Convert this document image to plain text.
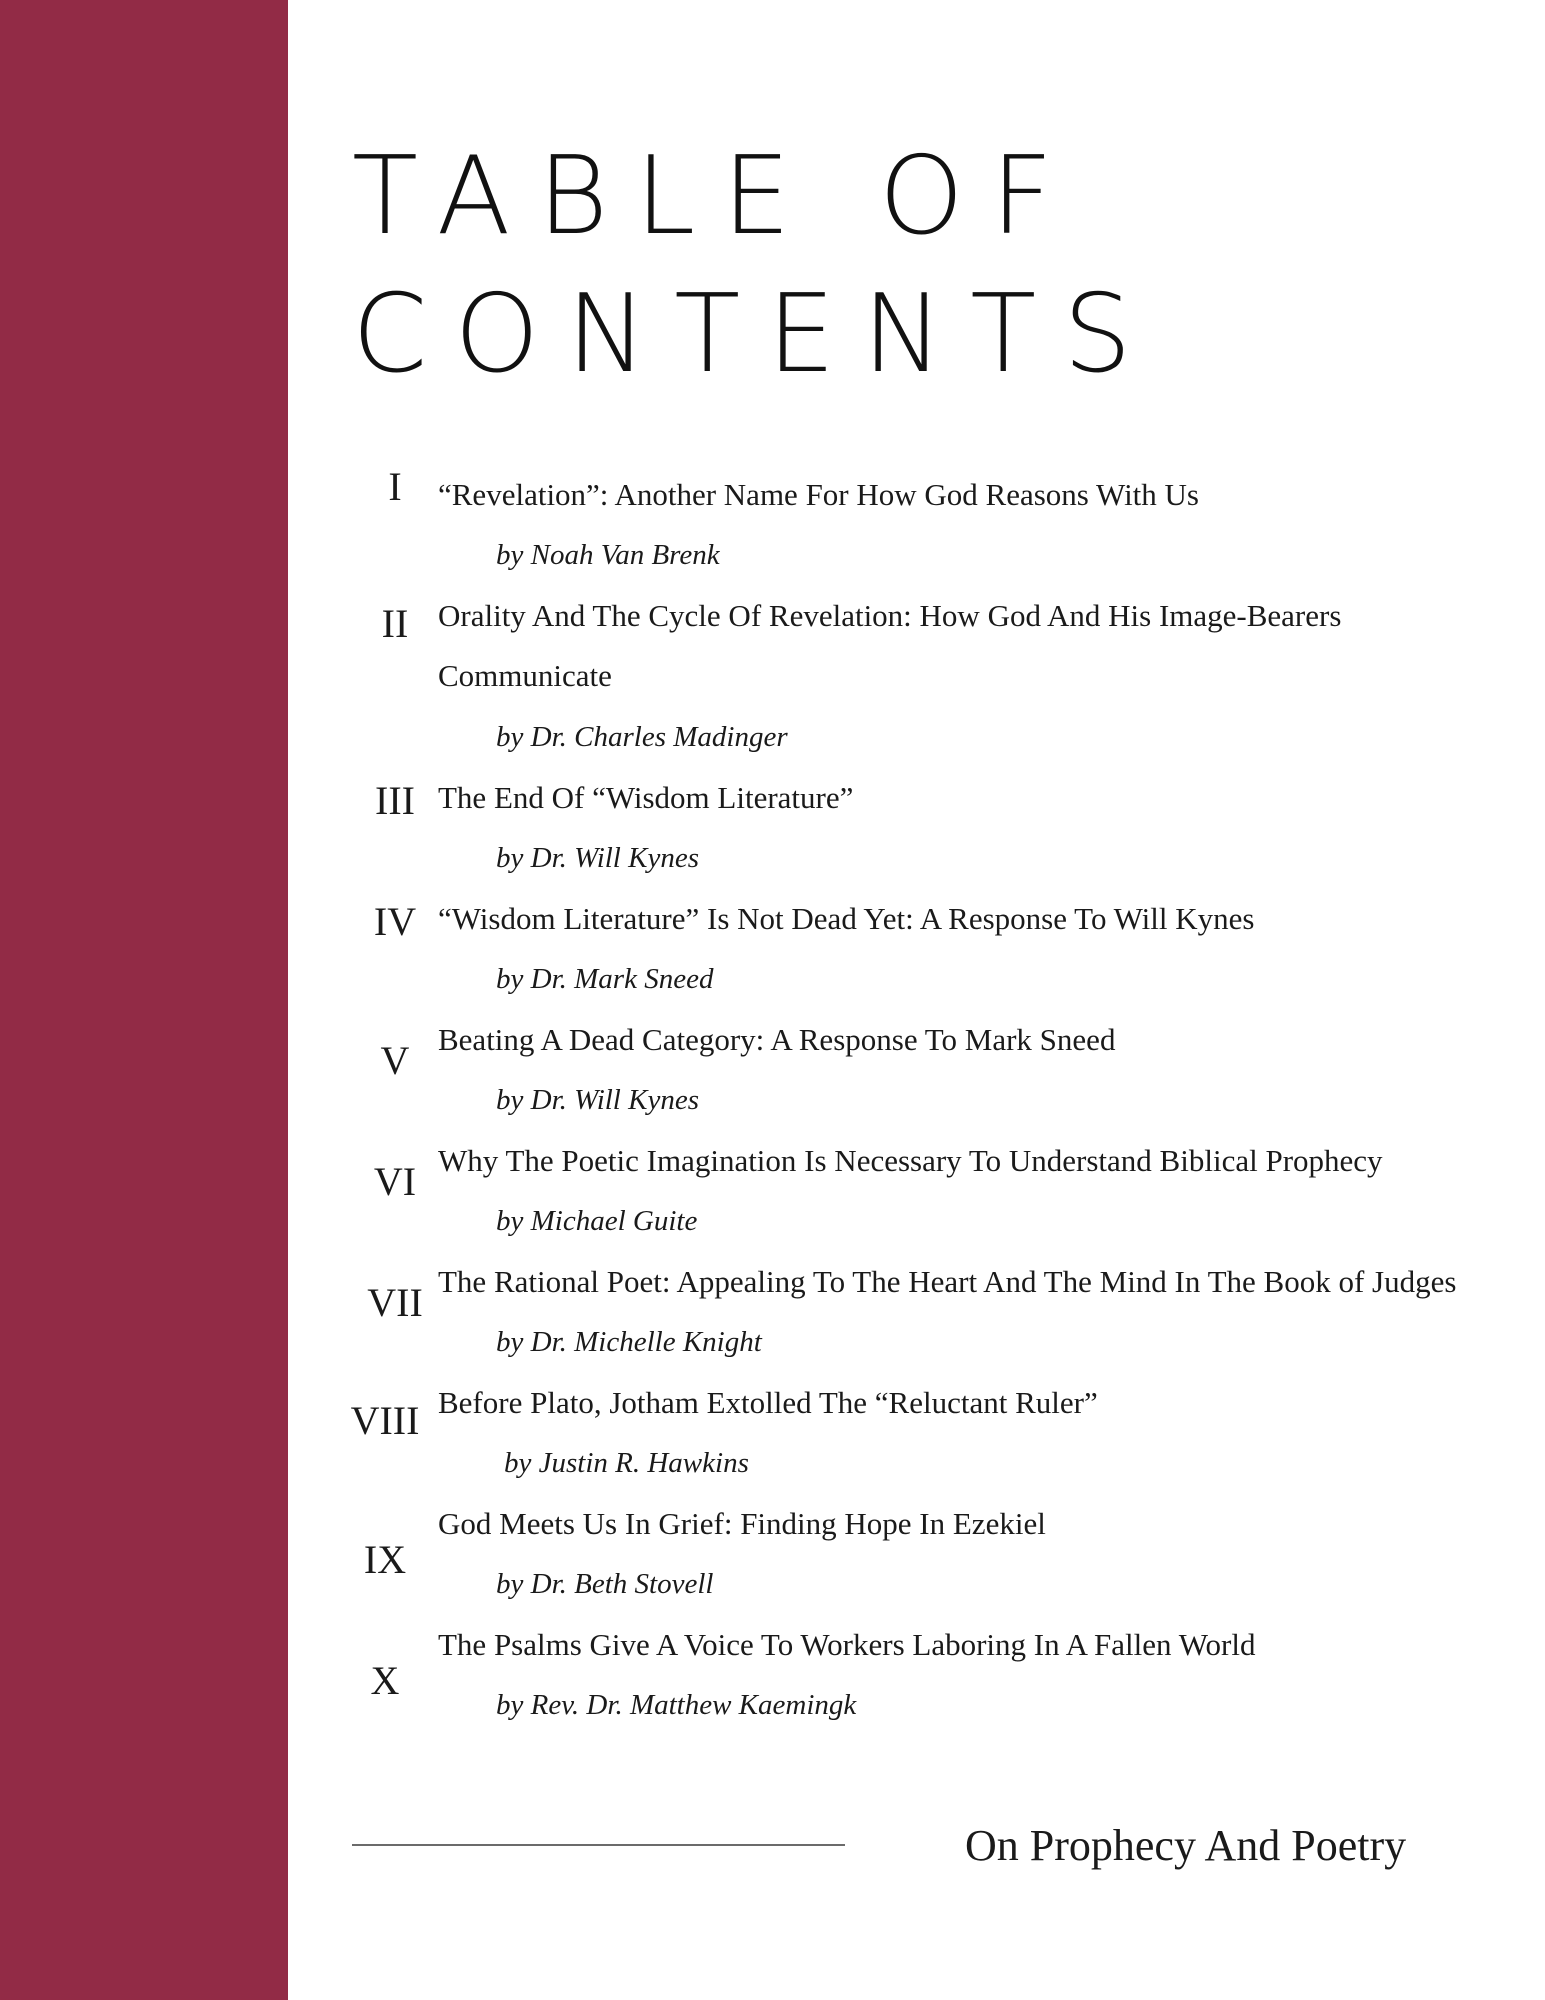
TABLE OF
CONTENTS
I	“Revelation”: Another Name For How God Reasons With Us
by Noah Van Brenk
II Orality And The Cycle Of Revelation: How God And His Image-Bearers Communicate
by Dr. Charles Madinger
III The End Of “Wisdom Literature”
by Dr. Will Kynes
IV “Wisdom Literature” Is Not Dead Yet: A Response To Will Kynes
by Dr. Mark Sneed
V Beating A Dead Category: A Response To Mark Sneed
by Dr. Will Kynes
VI Why The Poetic Imagination Is Necessary To Understand Biblical Prophecy
by Michael Guite
VII The Rational Poet: Appealing To The Heart And The Mind In The Book of Judges
by Dr. Michelle Knight
VIII Before Plato, Jotham Extolled The “Reluctant Ruler”
by Justin R. Hawkins
IX
God Meets Us In Grief: Finding Hope In Ezekiel
by Dr. Beth Stovell
X
The Psalms Give A Voice To Workers Laboring In A Fallen World
by Rev. Dr. Matthew Kaemingk
On Prophecy And Poetry
